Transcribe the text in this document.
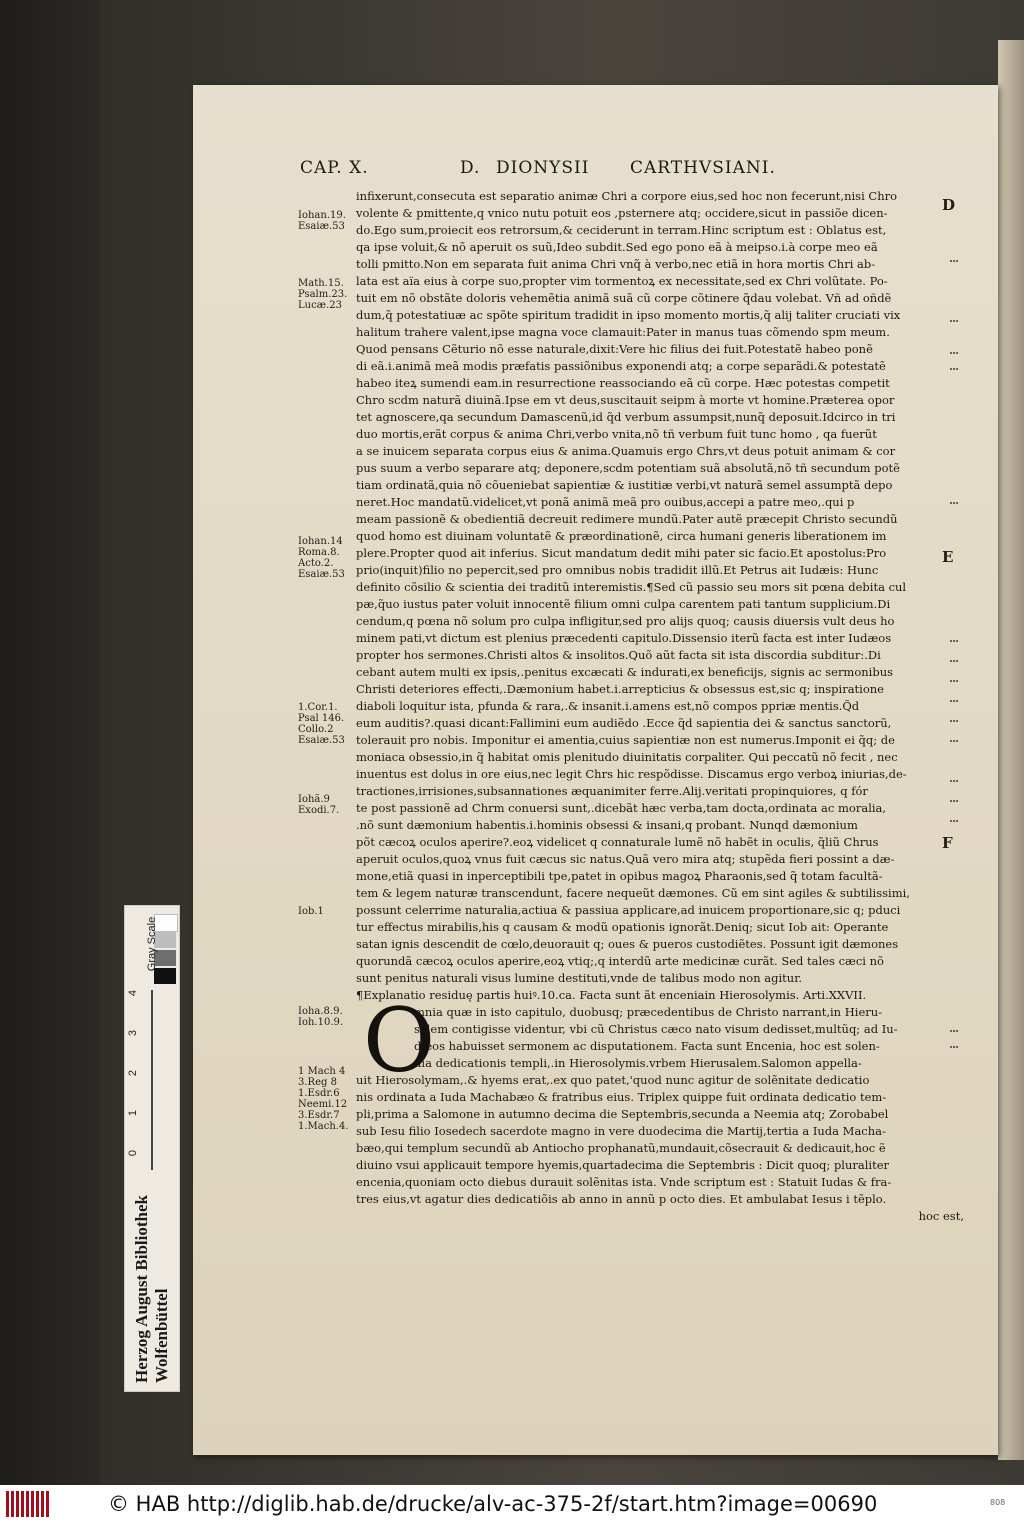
CAP. X.	D. DIONYSII CARTHVSIANI.
D
E
F
Iohan.19.
Esaiæ.53
Math.15.
Psalm.23.
Lucæ.23
Iohan.14
Roma.8.
Acto.2.
Esaiæ.53
1.Cor.1.
Psal 146.
Collo.2
Esaiæ.53
Iohã.9
Exodi.7.
Iob.1
Ioha.8.9.
Ioh.10.9.
1 Mach 4
3.Reg 8
1.Esdr.6
Neemi.12
3.Esdr.7
1.Mach.4.

infixerunt,consecuta est separatio animæ Chri a corpore eius,sed hoc non fecerunt,nisi Chro

volente & pmittente,q vnico nutu potuit eos ,psternere atq; occidere,sicut in passiõe dicen-

do.Ego sum,proiecit eos retrorsum,& ceciderunt in terram.Hinc scriptum est : Oblatus est,

qa ipse voluit,& nõ aperuit os suũ,Ideo subdit.Sed ego pono eã à meipso.i.à corpe meo eã

tolli pmitto.Non em separata fuit anima Chri vnq̃ à verbo,nec etiã in hora mortis Chri ab-

lata est aïa eius à corpe suo,propter vim tormentoꝝ ex necessitate,sed ex Chri volũtate. Po-

tuit em nõ obstãte doloris vehemẽtia animã suã cũ corpe cõtinere q̃dau volebat. Vñ ad oñdẽ

dum,q̃ potestatiuæ ac spõte spiritum tradidit in ipso momento mortis,q̃ alij taliter cruciati vix

halitum trahere valent,ipse magna voce clamauit:Pater in manus tuas cõmendo spm meum.

Quod pensans Cẽturio nõ esse naturale,dixit:Vere hic filius dei fuit.Potestatẽ habeo ponẽ

di eã.i.animã meã modis præfatis passiõnibus exponendi atq; a corpe separãdi.& potestatẽ

habeo iteꝝ sumendi eam.in resurrectione reassociando eã cũ corpe. Hæc potestas competit

Chro scdm naturã diuinã.Ipse em vt deus,suscitauit seipm à morte vt homine.Præterea opor

tet agnoscere,qa secundum Damascenũ,id q̃d verbum assumpsit,nunq̃ deposuit.Idcirco in tri

duo mortis,erãt corpus & anima Chri,verbo vnita,nõ tñ verbum fuit tunc homo , qa fuerũt

a se inuicem separata corpus eius & anima.Quamuis ergo Chrs,vt deus potuit animam & cor

pus suum a verbo separare atq; deponere,scdm potentiam suã absolutã,nõ tñ secundum potẽ

tiam ordinatã,quia nõ cõueniebat sapientiæ & iustitiæ verbi,vt naturã semel assumptã depo

neret.Hoc mandatũ.videlicet,vt ponã animã meã pro ouibus,accepi a patre meo,.qui p

meam passionẽ & obedientiã decreuit redimere mundũ.Pater autẽ præcepit Christo secundũ

quod homo est diuinam voluntatẽ & præordinationẽ, circa humani generis liberationem im

plere.Propter quod ait inferius. Sicut mandatum dedit mihi pater sic facio.Et apostolus:Pro

prio(inquit)filio no pepercit,sed pro omnibus nobis tradidit illũ.Et Petrus ait Iudæis: Hunc

definito cõsilio & scientia dei traditũ interemistis.¶Sed cũ passio seu mors sit pœna debita cul

pæ,q̃uo iustus pater voluit innocentẽ filium omni culpa carentem pati tantum supplicium.Di

cendum,q pœna nõ solum pro culpa infligitur,sed pro alijs quoq; causis diuersis vult deus ho

minem pati,vt dictum est plenius præcedenti capitulo.Dissensio iterũ facta est inter Iudæos

propter hos sermones.Christi altos & insolitos.Quõ aũt facta sit ista discordia subditur:.Di

cebant autem multi ex ipsis,.penitus excæcati & indurati,ex beneficijs, signis ac sermonibus

Christi deteriores effecti,.Dæmonium habet.i.arrepticius & obsessus est,sic q; inspiratione

diaboli loquitur ista, pfunda & rara,.& insanit.i.amens est,nõ compos ppriæ mentis.Q̃d

eum auditis?.quasi dicant:Fallimini eum audiẽdo .Ecce q̃d sapientia dei & sanctus sanctorũ,

tolerauit pro nobis. Imponitur ei amentia,cuius sapientiæ non est numerus.Imponit ei q̃q; de

moniaca obsessio,in q̃ habitat omis plenitudo diuinitatis corpaliter. Qui peccatũ nõ fecit , nec

inuentus est dolus in ore eius,nec legit Chrs hic respõdisse. Discamus ergo verboꝝ iniurias,de-

tractiones,irrisiones,subsannationes æquanimiter ferre.Alij.veritati propinquiores, q fór

te post passionẽ ad Chrm conuersi sunt,.dicebãt hæc verba,tam docta,ordinata ac moralia,

.nõ sunt dæmonium habentis.i.hominis obsessi & insani,q probant. Nunqd dæmonium

põt cæcoꝝ oculos aperire?.eoꝝ videlicet q connaturale lumẽ nõ habẽt in oculis, q̃liũ Chrus

aperuit oculos,quoꝝ vnus fuit cæcus sic natus.Quã vero mira atq; stupẽda fieri possint a dæ-

mone,etiã quasi in inperceptibili tpe,patet in opibus magoꝝ Pharaonis,sed q̃ totam facultã-

tem & legem naturæ transcendunt, facere nequeũt dæmones. Cũ em sint agiles & subtilissimi,

possunt celerrime naturalia,actiua & passiua applicare,ad inuicem proportionare,sic q; pduci

tur effectus mirabilis,his q causam & modũ opationis ignorãt.Deniq; sicut Iob ait: Operante

satan ignis descendit de cœlo,deuorauit q; oues & pueros custodiẽtes. Possunt igit dæmones

quorundã cæcoꝝ oculos aperire,eoꝝ vtiq;,q interdũ arte medicinæ curãt. Sed tales cæci nõ

sunt penitus naturali visus lumine destituti,vnde de talibus modo non agitur.

¶Explanatio residuę partis huiꝰ.10.ca. Facta sunt ãt enceniain Hierosolymis. Arti.XXVII.

mnia quæ in isto capitulo, duobusq; præcedentibus de Christo narrant,in Hieru-

salem contigisse videntur, vbi cũ Christus cæco nato visum dedisset,multũq; ad Iu-

dæos habuisset sermonem ac disputationem. Facta sunt Encenia, hoc est solen-

nia dedicationis templi,.in Hierosolymis.vrbem Hierusalem.Salomon appella-

uit Hierosolymam,.& hyems erat,.ex quo patet,'quod nunc agitur de solẽnitate dedicatio

nis ordinata a Iuda Machabæo & fratribus eius. Triplex quippe fuit ordinata dedicatio tem-

pli,prima a Salomone in autumno decima die Septembris,secunda a Neemia atq; Zorobabel

sub Iesu filio Iosedech sacerdote magno in vere duodecima die Martij,tertia a Iuda Macha-

bæo,qui templum secundũ ab Antiocho prophanatũ,mundauit,cõsecrauit & dedicauit,hoc ẽ

diuino vsui applicauit tempore hyemis,quartadecima die Septembris : Dicit quoq; pluraliter

encenia,quoniam octo diebus durauit solẽnitas ista. Vnde scriptum est : Statuit Iudas & fra-

tres eius,vt agatur dies dedicatiõis ab anno in annũ p octo dies. Et ambulabat Iesus i tẽplo.

hoc est,

O
Gray Scale
4
3
2
1
0
Herzog August Bibliothek Wolfenbüttel
© HAB http://diglib.hab.de/drucke/alv-ac-375-2f/start.htm?image=00690	808
